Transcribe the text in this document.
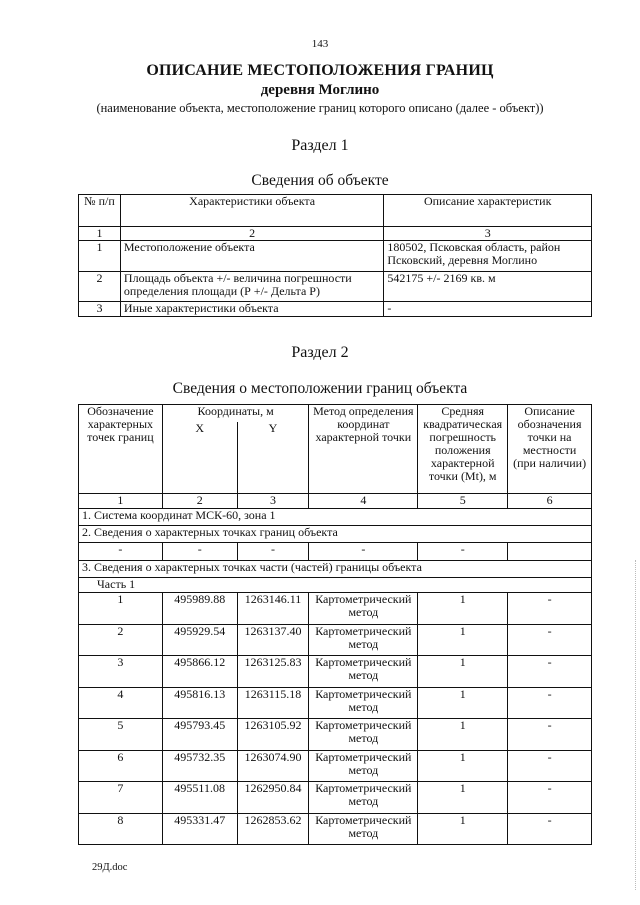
143
ОПИСАНИЕ МЕСТОПОЛОЖЕНИЯ ГРАНИЦ
деревня Моглино
(наименование объекта, местоположение границ которого описано (далее - объект))
Раздел 1
Сведения об объекте
№ п/п	Характеристики объекта	Описание характеристик
1	2	3
1	Местоположение объекта	180502, Псковская область, район Псковский, деревня Моглино
2	Площадь объекта +/- величина погрешности определения площади (Р +/- Дельта Р)	542175 +/- 2169 кв. м
3	Иные характеристики объекта	-
Раздел 2
Сведения о местоположении границ объекта
Обозначение характерных точек границ	Координаты, м		Метод определения координат характерной точки	Средняя квадратическая погрешность положения характерной точки (Mt), м	Описание обозначения точки на местности (при наличии)
	X	Y			
1	2	3	4	5	6
1. Система координат МСК-60, зона 1					
2. Сведения о характерных точках границ объекта					
-	-	-	-	-	
3. Сведения о характерных точках части (частей) границы объекта					
Часть 1					
1	495989.88	1263146.11	Картометрический метод	1	-
2	495929.54	1263137.40	Картометрический метод	1	-
3	495866.12	1263125.83	Картометрический метод	1	-
4	495816.13	1263115.18	Картометрический метод	1	-
5	495793.45	1263105.92	Картометрический метод	1	-
6	495732.35	1263074.90	Картометрический метод	1	-
7	495511.08	1262950.84	Картометрический метод	1	-
8	495331.47	1262853.62	Картометрический метод	1	-
29Д.doc
